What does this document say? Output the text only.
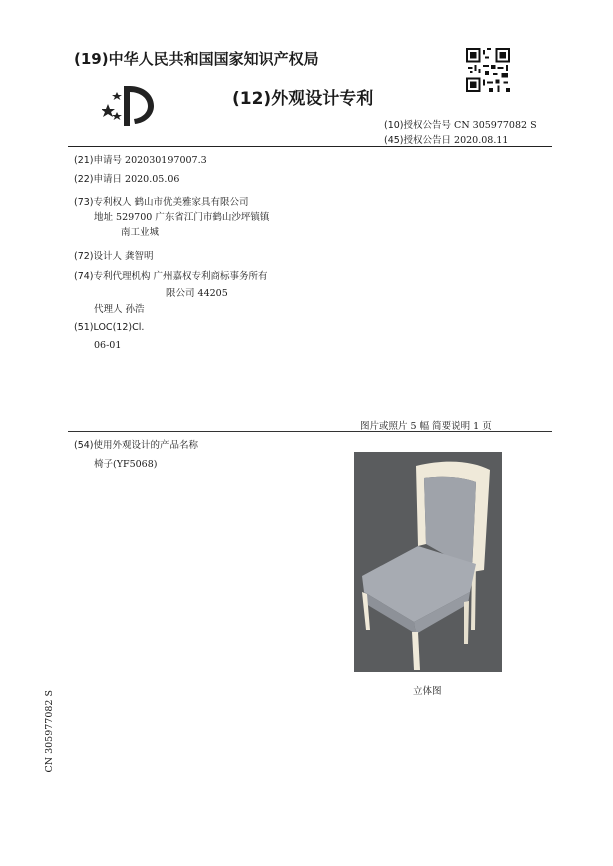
(19)中华人民共和国国家知识产权局
(12)外观设计专利
(10)授权公告号 CN 305977082 S
(45)授权公告日 2020.08.11
(21)申请号 202030197007.3
(22)申请日 2020.05.06
(73)专利权人 鹤山市优美雅家具有限公司
地址 529700 广东省江门市鹤山沙坪镇镇
南工业城
(72)设计人 龚智明
(74)专利代理机构 广州嘉权专利商标事务所有
限公司 44205
代理人 孙浩
(51)LOC(12)Cl.
06-01
图片或照片 5 幅 简要说明 1 页
(54)使用外观设计的产品名称
椅子(YF5068)
立体图
CN 305977082 S
